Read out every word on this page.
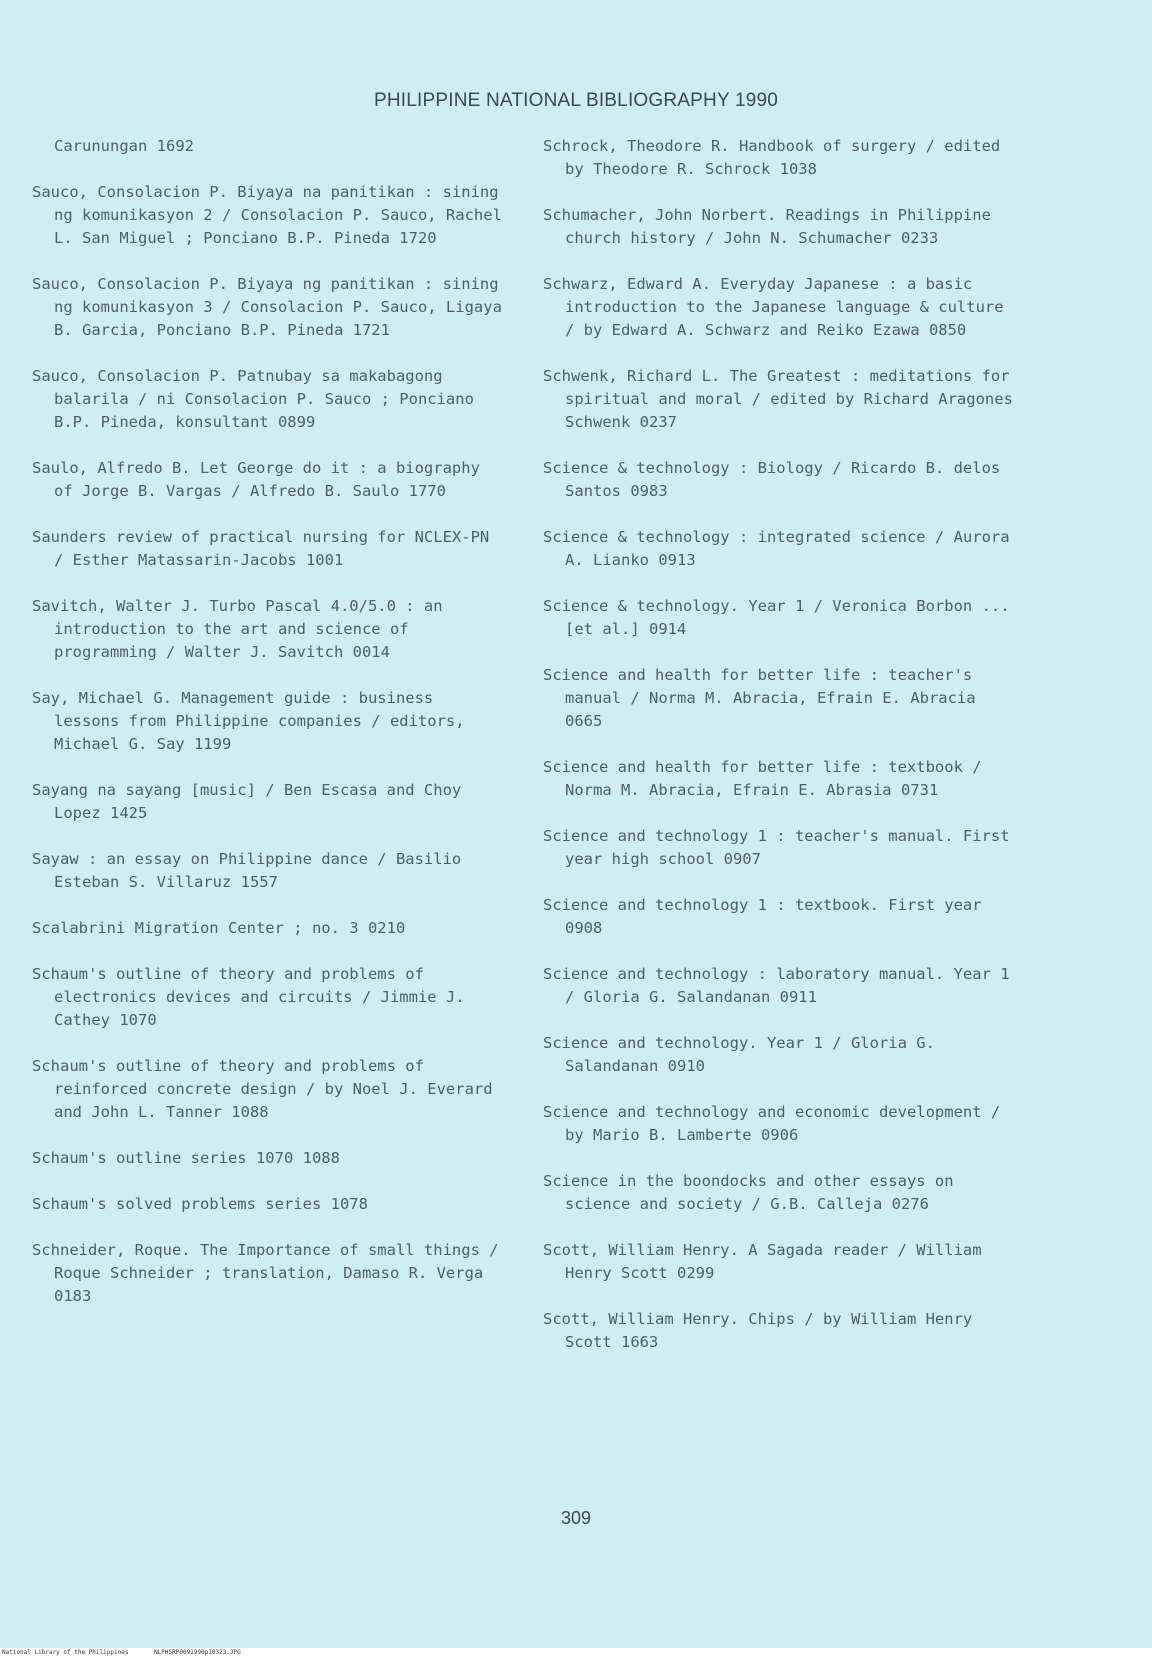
PHILIPPINE NATIONAL BIBLIOGRAPHY 1990
Carunungan 1692
Sauco, Consolacion P. Biyaya na panitikan : sining ng komunikasyon 2 / Consolacion P. Sauco, Rachel L. San Miguel ; Ponciano B.P. Pineda 1720
Sauco, Consolacion P. Biyaya ng panitikan : sining ng komunikasyon 3 / Consolacion P. Sauco, Ligaya B. Garcia, Ponciano B.P. Pineda 1721
Sauco, Consolacion P. Patnubay sa makabagong balarila / ni Consolacion P. Sauco ; Ponciano B.P. Pineda, konsultant 0899
Saulo, Alfredo B. Let George do it : a biography of Jorge B. Vargas / Alfredo B. Saulo 1770
Saunders review of practical nursing for NCLEX-PN / Esther Matassarin-Jacobs 1001
Savitch, Walter J. Turbo Pascal 4.0/5.0 : an introduction to the art and science of programming / Walter J. Savitch 0014
Say, Michael G. Management guide : business lessons from Philippine companies / editors, Michael G. Say 1199
Sayang na sayang [music] / Ben Escasa and Choy Lopez 1425
Sayaw : an essay on Philippine dance / Basilio Esteban S. Villaruz 1557
Scalabrini Migration Center ; no. 3 0210
Schaum's outline of theory and problems of electronics devices and circuits / Jimmie J. Cathey 1070
Schaum's outline of theory and problems of reinforced concrete design / by Noel J. Everard and John L. Tanner 1088
Schaum's outline series 1070 1088
Schaum's solved problems series 1078
Schneider, Roque. The Importance of small things / Roque Schneider ; translation, Damaso R. Verga 0183
Schrock, Theodore R. Handbook of surgery / edited by Theodore R. Schrock 1038
Schumacher, John Norbert. Readings in Philippine church history / John N. Schumacher 0233
Schwarz, Edward A. Everyday Japanese : a basic introduction to the Japanese language & culture / by Edward A. Schwarz and Reiko Ezawa 0850
Schwenk, Richard L. The Greatest : meditations for spiritual and moral / edited by Richard Aragones Schwenk 0237
Science & technology : Biology / Ricardo B. delos Santos 0983
Science & technology : integrated science / Aurora A. Lianko 0913
Science & technology. Year 1 / Veronica Borbon ... [et al.] 0914
Science and health for better life : teacher's manual / Norma M. Abracia, Efrain E. Abracia 0665
Science and health for better life : textbook / Norma M. Abracia, Efrain E. Abrasia 0731
Science and technology 1 : teacher's manual. First year high school 0907
Science and technology 1 : textbook. First year 0908
Science and technology : laboratory manual. Year 1 / Gloria G. Salandanan 0911
Science and technology. Year 1 / Gloria G. Salandanan 0910
Science and technology and economic development / by Mario B. Lamberte 0906
Science in the boondocks and other essays on science and society / G.B. Calleja 0276
Scott, William Henry. A Sagada reader / William Henry Scott 0299
Scott, William Henry. Chips / by William Henry Scott 1663
309
National Library of the Philippines	NLPHSRP0091990p10323.JPG
